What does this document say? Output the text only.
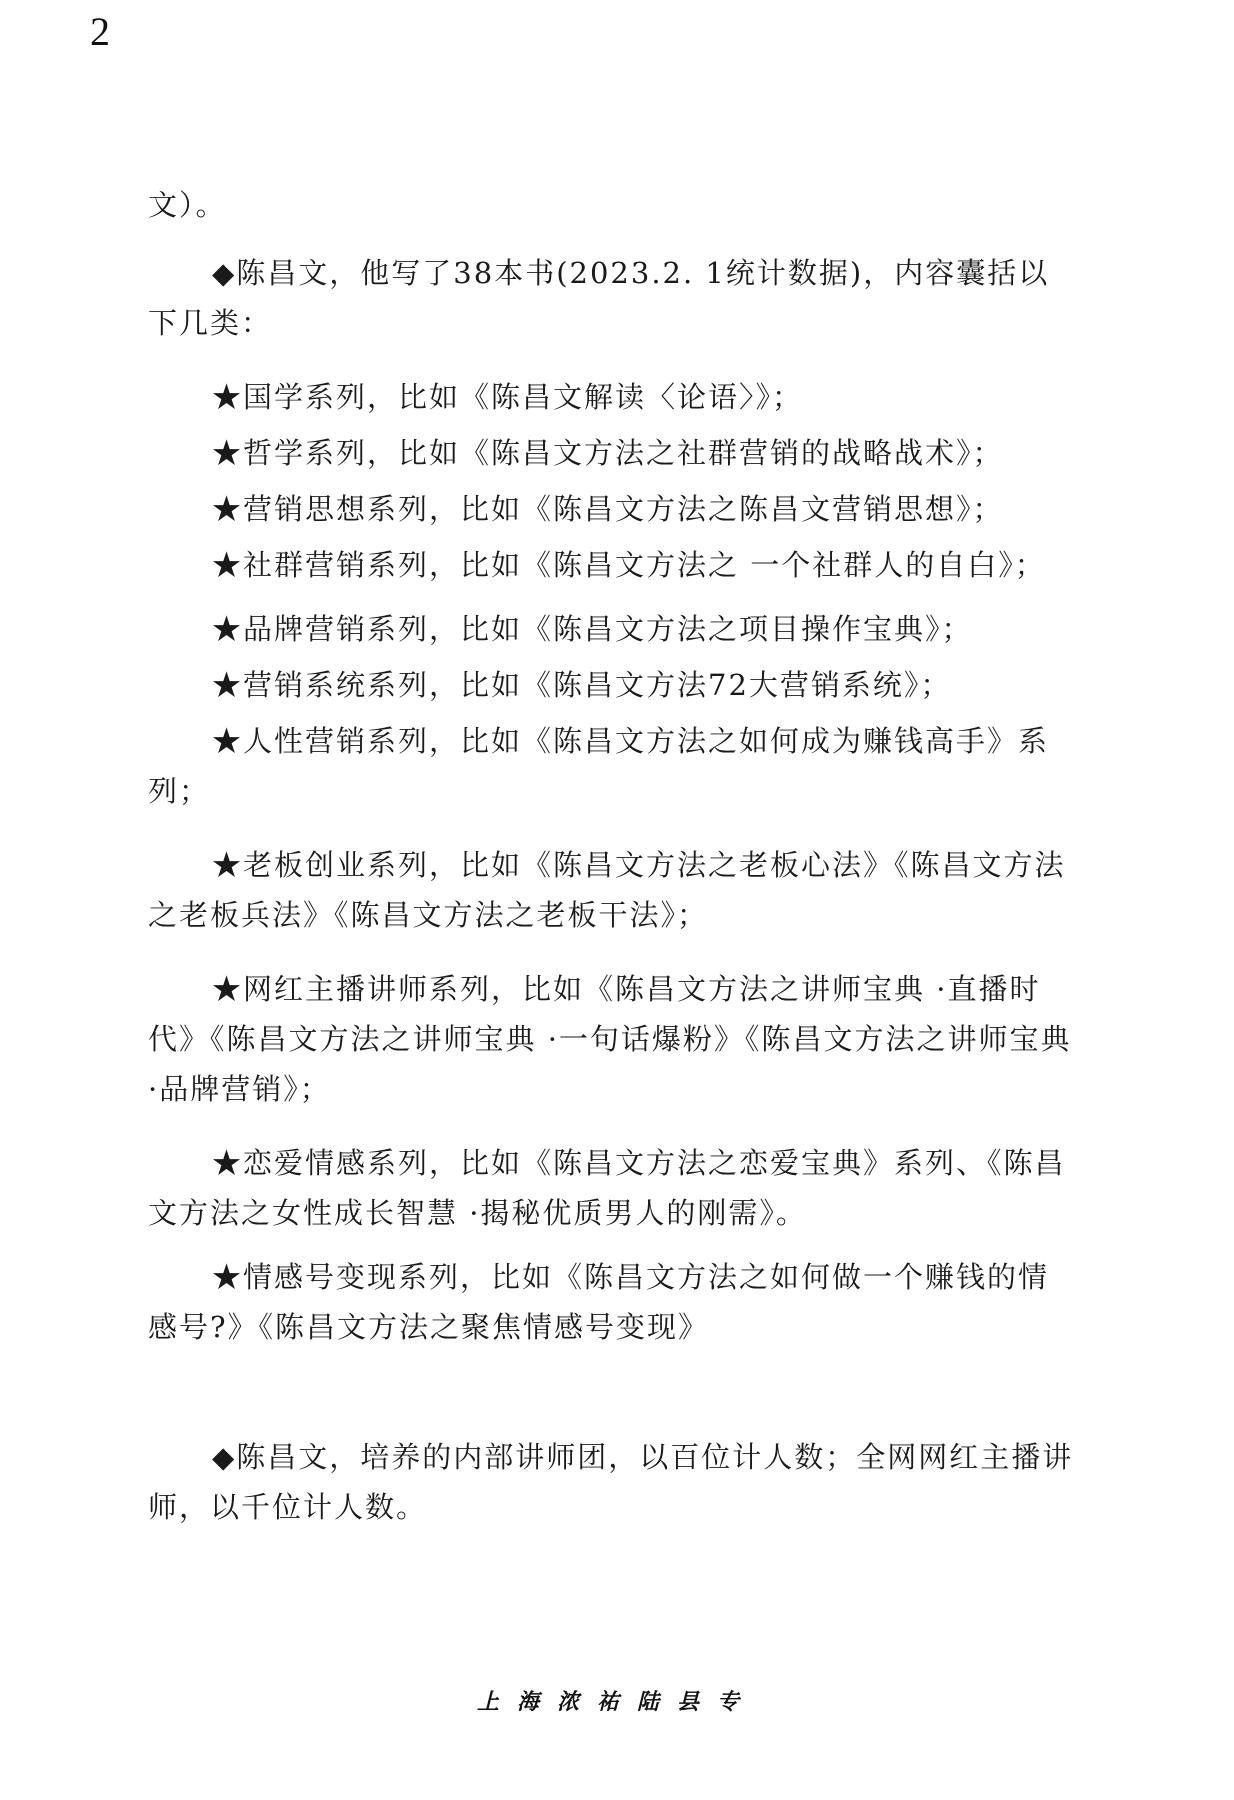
2

文）。

◆陈昌文，他写了38本书(2023.2. 1统计数据)，内容囊括以下几类：

★国学系列，比如《陈昌文解读〈论语〉》；

★哲学系列，比如《陈昌文方法之社群营销的战略战术》；

★营销思想系列，比如《陈昌文方法之陈昌文营销思想》；

★社群营销系列，比如《陈昌文方法之 一个社群人的自白》；

★品牌营销系列，比如《陈昌文方法之项目操作宝典》；

★营销系统系列，比如《陈昌文方法72大营销系统》；

★人性营销系列，比如《陈昌文方法之如何成为赚钱高手》系列；

★老板创业系列，比如《陈昌文方法之老板心法》《陈昌文方法之老板兵法》《陈昌文方法之老板干法》；

★网红主播讲师系列，比如《陈昌文方法之讲师宝典 ·直播时代》《陈昌文方法之讲师宝典 ·一句话爆粉》《陈昌文方法之讲师宝典 ·品牌营销》；

★恋爱情感系列，比如《陈昌文方法之恋爱宝典》系列、《陈昌文方法之女性成长智慧 ·揭秘优质男人的刚需》。

★情感号变现系列，比如《陈昌文方法之如何做一个赚钱的情感号?》《陈昌文方法之聚焦情感号变现》

◆陈昌文，培养的内部讲师团，以百位计人数；全网网红主播讲师，以千位计人数。

上海浓祐陆县专
